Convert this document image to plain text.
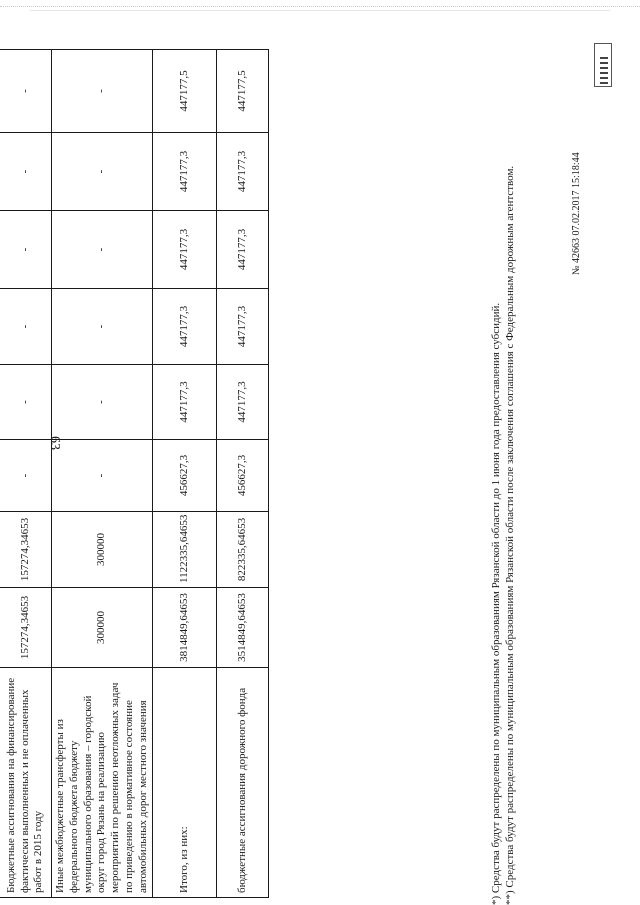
63

Бюджетные ассигнования на финансирование фактически выполненных и не оплаченных работ в 2015 году	157274,34653	157274,34653	-	-	-	-	-	-
Иные межбюджетные трансферты из федерального бюджета бюджету муниципального образования – городской округ город Рязань на реализацию мероприятий по решению неотложных задач по приведению в нормативное состояние автомобильных дорог местного значения	300000	300000	-	-	-	-	-	-
Итого, из них:	3814849,64653	1122335,64653	456627,3	447177,3	447177,3	447177,3	447177,3	447177,5
бюджетные ассигнования дорожного фонда	3514849,64653	822335,64653	456627,3	447177,3	447177,3	447177,3	447177,3	447177,5
*) Средства будут распределены по муниципальным образованиям Рязанской области до 1 июня года предоставления субсидий. **) Средства будут распределены по муниципальным образованиям Рязанской области после заключения соглашения с Федеральным дорожным агентством.	№ 42663 07.02.2017 15:18:44
